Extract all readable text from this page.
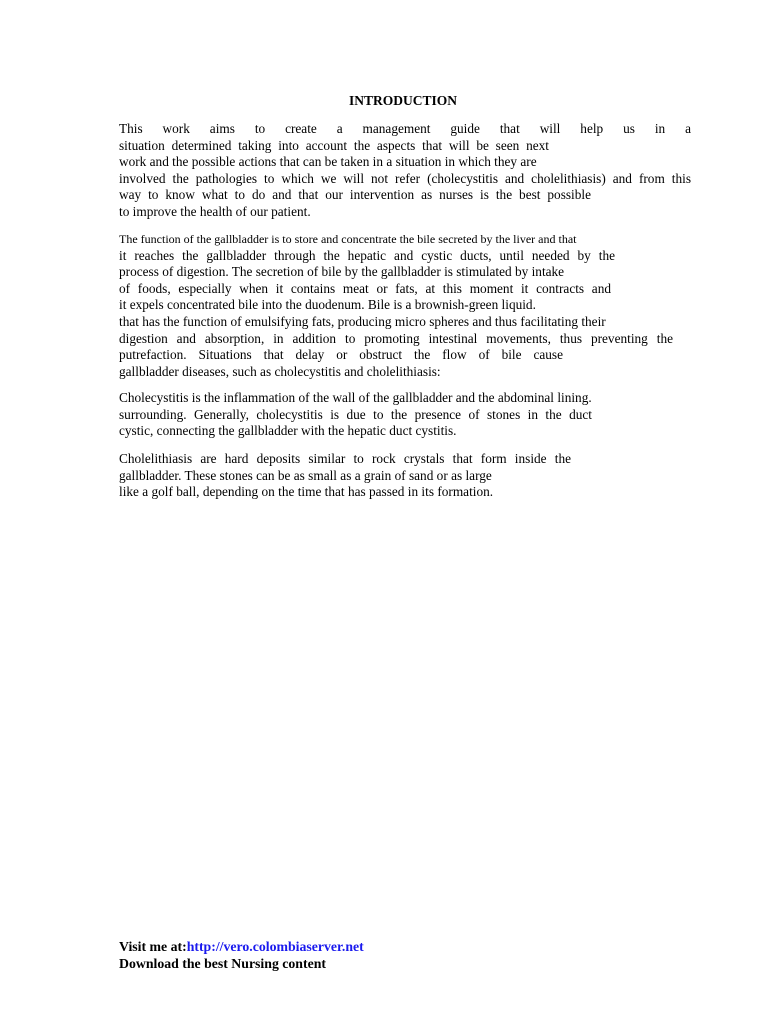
INTRODUCTION
This work aims to create a management guide that will help us in a
situation determined taking into account the aspects that will be seen next
work and the possible actions that can be taken in a situation in which they are
involved the pathologies to which we will not refer (cholecystitis and cholelithiasis) and from this
way to know what to do and that our intervention as nurses is the best possible
to improve the health of our patient.
The function of the gallbladder is to store and concentrate the bile secreted by the liver and that
it reaches the gallbladder through the hepatic and cystic ducts, until needed by the
process of digestion. The secretion of bile by the gallbladder is stimulated by intake
of foods, especially when it contains meat or fats, at this moment it contracts and
it expels concentrated bile into the duodenum. Bile is a brownish-green liquid.
that has the function of emulsifying fats, producing micro spheres and thus facilitating their
digestion and absorption, in addition to promoting intestinal movements, thus preventing the
putrefaction. Situations that delay or obstruct the flow of bile cause
gallbladder diseases, such as cholecystitis and cholelithiasis:
Cholecystitis is the inflammation of the wall of the gallbladder and the abdominal lining.
surrounding. Generally, cholecystitis is due to the presence of stones in the duct
cystic, connecting the gallbladder with the hepatic duct cystitis.
Cholelithiasis are hard deposits similar to rock crystals that form inside the
gallbladder. These stones can be as small as a grain of sand or as large
like a golf ball, depending on the time that has passed in its formation.
Visit me at:http://vero.colombiaserver.net
Download the best Nursing content
